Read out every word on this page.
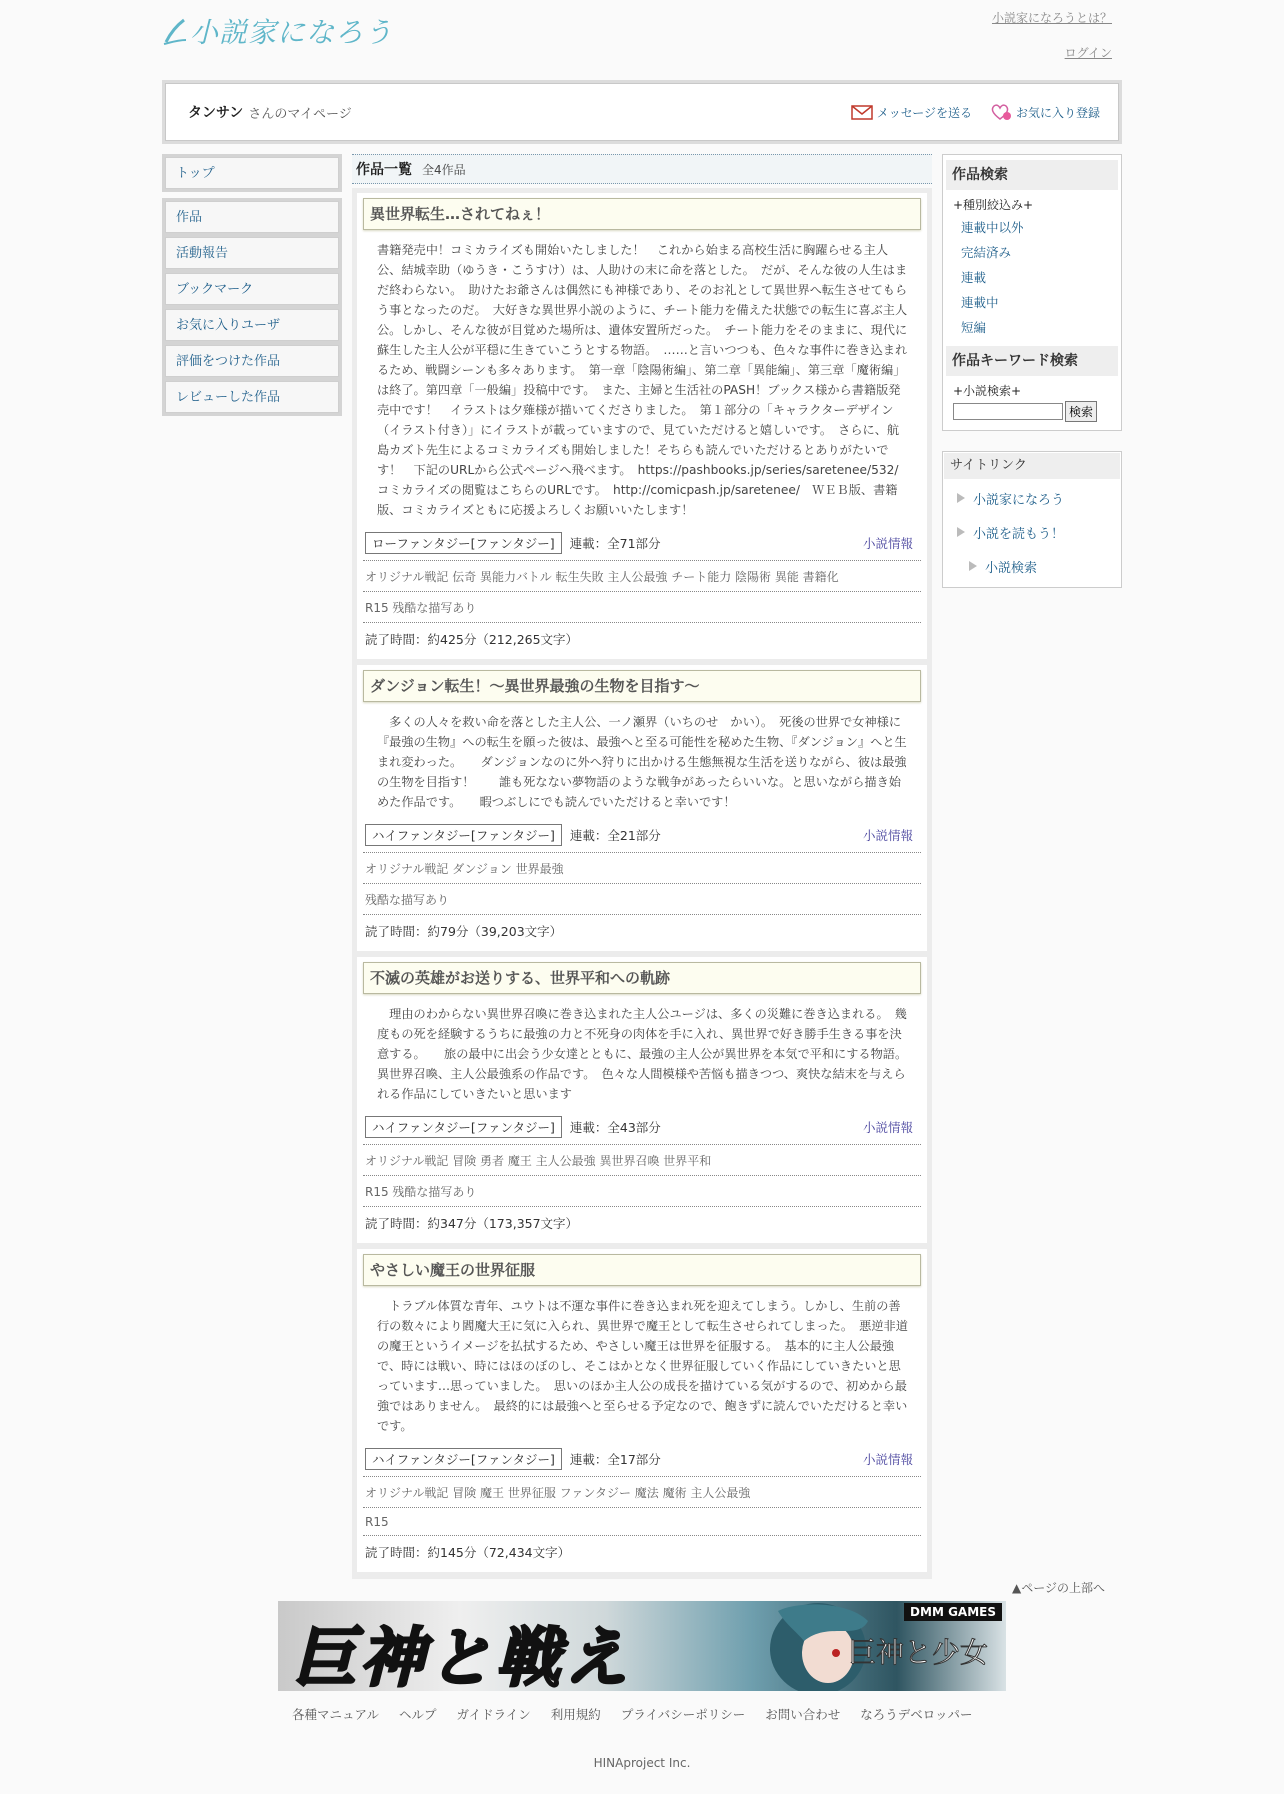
小説家になろう	小説家になろうとは？
ログイン
タンサン さんのマイページ	メッセージを送る	お気に入り登録
トップ
作品
活動報告
ブックマーク
お気に入りユーザ
評価をつけた作品
レビューした作品
作品一覧 全4作品
異世界転生…されてねぇ！
書籍発売中！コミカライズも開始いたしました！　これから始まる高校生活に胸躍らせる主人公、結城幸助（ゆうき・こうすけ）は、人助けの末に命を落とした。　だが、そんな彼の人生はまだ終わらない。　助けたお爺さんは偶然にも神様であり、そのお礼として異世界へ転生させてもらう事となったのだ。　大好きな異世界小説のように、チート能力を備えた状態での転生に喜ぶ主人公。しかし、そんな彼が目覚めた場所は、遺体安置所だった。　チート能力をそのままに、現代に蘇生した主人公が平穏に生きていこうとする物語。　……と言いつつも、色々な事件に巻き込まれるため、戦闘シーンも多々あります。　第一章「陰陽術編」、第二章「異能編」、第三章「魔術編」は終了。第四章「一般編」投稿中です。　また、主婦と生活社のPASH！ブックス様から書籍版発売中です！　イラストは夕薙様が描いてくださりました。　第１部分の「キャラクターデザイン（イラスト付き）」にイラストが載っていますので、見ていただけると嬉しいです。　さらに、航島カズト先生によるコミカライズも開始しました！そちらも読んでいただけるとありがたいです！　下記のURLから公式ページへ飛べます。　https://pashbooks.jp/series/saretenee/532/　コミカライズの閲覧はこちらのURLです。　http://comicpash.jp/saretenee/　ＷＥＢ版、書籍版、コミカライズともに応援よろしくお願いいたします！
ローファンタジー[ファンタジー]	連載：全71部分	小説情報
オリジナル戦記 伝奇 異能力バトル 転生失敗 主人公最強 チート能力 陰陽術 異能 書籍化
R15 残酷な描写あり
読了時間：約425分（212,265文字）
ダンジョン転生！〜異世界最強の生物を目指す〜
　多くの人々を救い命を落とした主人公、一ノ瀬界（いちのせ　かい）。　死後の世界で女神様に『最強の生物』への転生を願った彼は、最強へと至る可能性を秘めた生物、『ダンジョン』へと生まれ変わった。　　ダンジョンなのに外へ狩りに出かける生態無視な生活を送りながら、彼は最強の生物を目指す！　　誰も死なない夢物語のような戦争があったらいいな。と思いながら描き始めた作品です。　　暇つぶしにでも読んでいただけると幸いです！
ハイファンタジー[ファンタジー]	連載：全21部分	小説情報
オリジナル戦記 ダンジョン 世界最強
残酷な描写あり
読了時間：約79分（39,203文字）
不滅の英雄がお送りする、世界平和への軌跡
　理由のわからない異世界召喚に巻き込まれた主人公ユージは、多くの災難に巻き込まれる。　幾度もの死を経験するうちに最強の力と不死身の肉体を手に入れ、異世界で好き勝手生きる事を決意する。　　旅の最中に出会う少女達とともに、最強の主人公が異世界を本気で平和にする物語。　異世界召喚、主人公最強系の作品です。　色々な人間模様や苦悩も描きつつ、爽快な結末を与えられる作品にしていきたいと思います
ハイファンタジー[ファンタジー]	連載：全43部分	小説情報
オリジナル戦記 冒険 勇者 魔王 主人公最強 異世界召喚 世界平和
R15 残酷な描写あり
読了時間：約347分（173,357文字）
やさしい魔王の世界征服
　トラブル体質な青年、ユウトは不運な事件に巻き込まれ死を迎えてしまう。しかし、生前の善行の数々により閻魔大王に気に入られ、異世界で魔王として転生させられてしまった。　悪逆非道の魔王というイメージを払拭するため、やさしい魔王は世界を征服する。　基本的に主人公最強で、時には戦い、時にはほのぼのし、そこはかとなく世界征服していく作品にしていきたいと思っています…思っていました。　思いのほか主人公の成長を描けている気がするので、初めから最強ではありません。　最終的には最強へと至らせる予定なので、飽きずに読んでいただけると幸いです。
ハイファンタジー[ファンタジー]	連載：全17部分	小説情報
オリジナル戦記 冒険 魔王 世界征服 ファンタジー 魔法 魔術 主人公最強
R15
読了時間：約145分（72,434文字）
作品検索
+種別絞込み+
連載中以外
完結済み
連載
連載中
短編
作品キーワード検索
+小説検索+
検索
サイトリンク
小説家になろう
小説を読もう！
小説検索
▲ページの上部へ
巨神と戦え
DMM GAMES
巨神と少女
各種マニュアル ヘルプ ガイドライン 利用規約 プライバシーポリシー お問い合わせ なろうデベロッパー
HINAproject Inc.
